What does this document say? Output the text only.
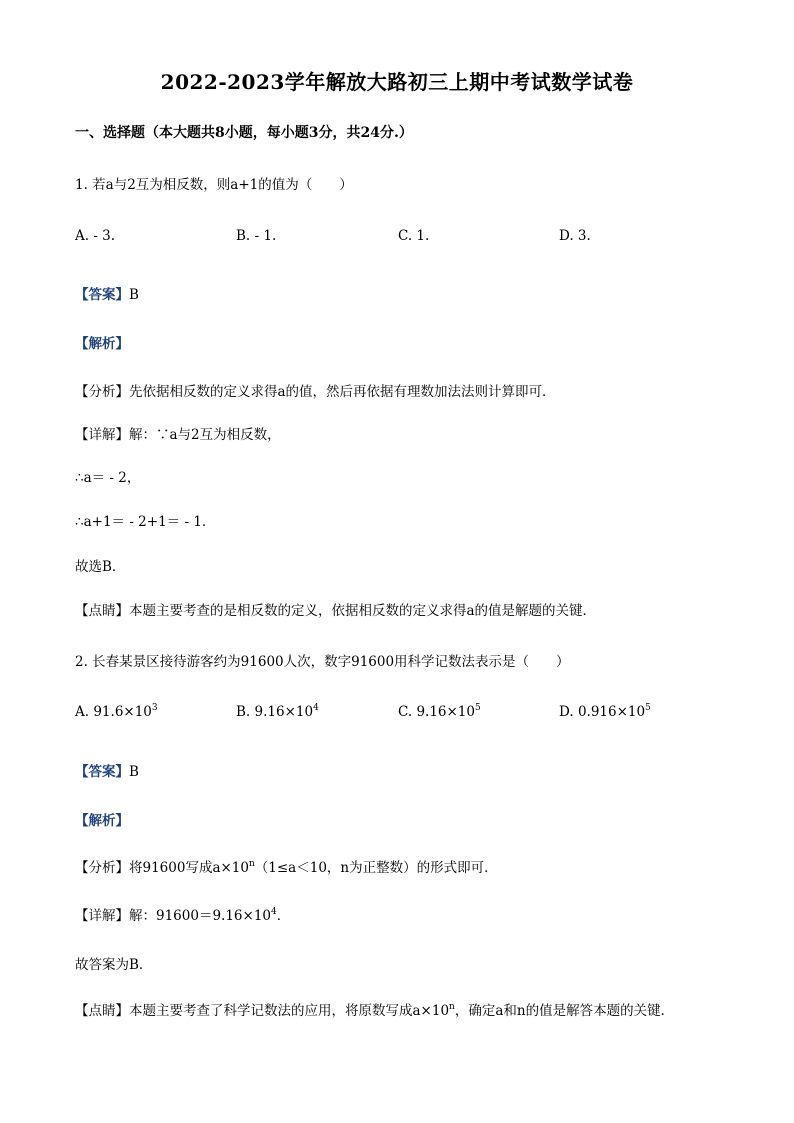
2022-2023学年解放大路初三上期中考试数学试卷
一、选择题（本大题共8小题，每小题3分，共24分.）
1. 若a与2互为相反数，则a+1的值为（　　）
A. - 3.	B. - 1.	C. 1.	D. 3.
【答案】B
【解析】
【分析】先依据相反数的定义求得a的值，然后再依据有理数加法法则计算即可．
【详解】解：∵a与2互为相反数，
∴a＝ - 2，
∴a+1＝ - 2+1＝ - 1．
故选B．
【点睛】本题主要考查的是相反数的定义，依据相反数的定义求得a的值是解题的关键．
2. 长春某景区接待游客约为91600人次，数字91600用科学记数法表示是（　　）
A. $91.6\times 10^3$	B. $9.16\times 10^4$	C. $9.16\times 10^5$	D. $0.916\times 10^5$
【答案】B
【解析】
【分析】将91600写成$a\times 10^n(1\le a<10$，n为正整数）的形式即可．
【详解】解：$91600=9.16\times 10^4$．
故答案为B．
【点睛】本题主要考查了科学记数法的应用，将原数写成$a\times 10^n$，确定a和n的值是解答本题的关键．
